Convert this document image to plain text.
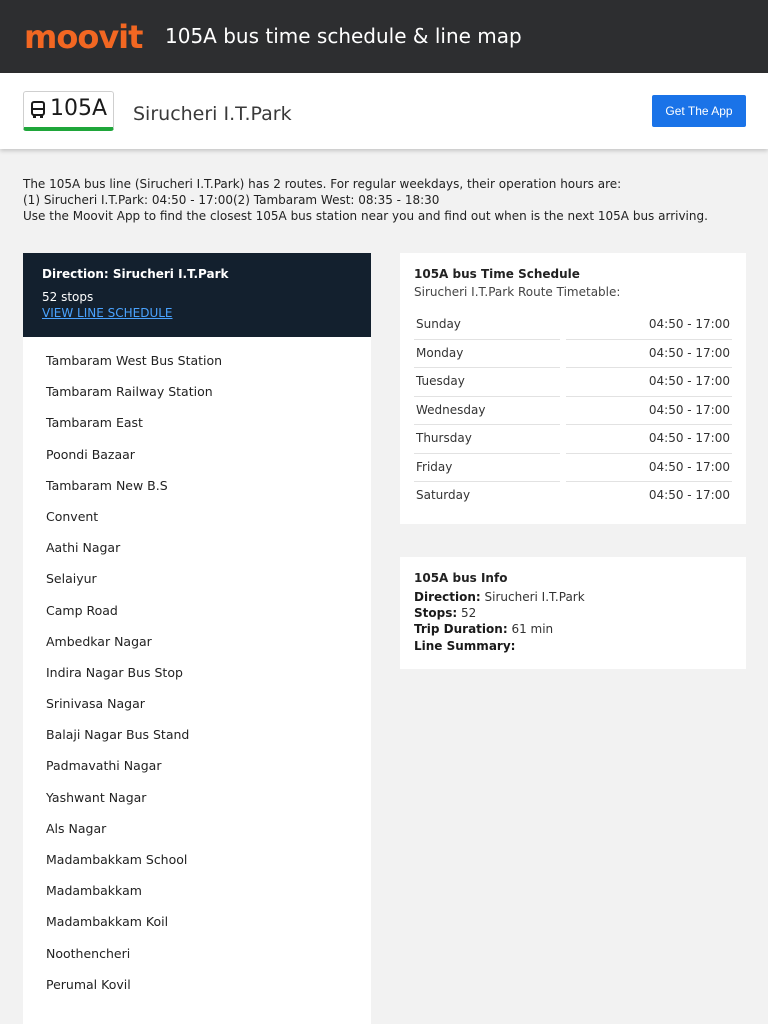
moovit 105A bus time schedule & line map
105A Sirucheri I.T.Park	Get The App
The 105A bus line (Sirucheri I.T.Park) has 2 routes. For regular weekdays, their operation hours are:
(1) Sirucheri I.T.Park: 04:50 - 17:00(2) Tambaram West: 08:35 - 18:30
Use the Moovit App to find the closest 105A bus station near you and find out when is the next 105A bus arriving.
Direction: Sirucheri I.T.Park
52 stops
VIEW LINE SCHEDULE
Tambaram West Bus Station
Tambaram Railway Station
Tambaram East
Poondi Bazaar
Tambaram New B.S
Convent
Aathi Nagar
Selaiyur
Camp Road
Ambedkar Nagar
Indira Nagar Bus Stop
Srinivasa Nagar
Balaji Nagar Bus Stand
Padmavathi Nagar
Yashwant Nagar
Als Nagar
Madambakkam School
Madambakkam
Madambakkam Koil
Noothencheri
Perumal Kovil
105A bus Time Schedule
Sirucheri I.T.Park Route Timetable:
Sunday	04:50 - 17:00
Monday	04:50 - 17:00
Tuesday	04:50 - 17:00
Wednesday	04:50 - 17:00
Thursday	04:50 - 17:00
Friday	04:50 - 17:00
Saturday	04:50 - 17:00
105A bus Info
Direction: Sirucheri I.T.Park
Stops: 52
Trip Duration: 61 min
Line Summary:
